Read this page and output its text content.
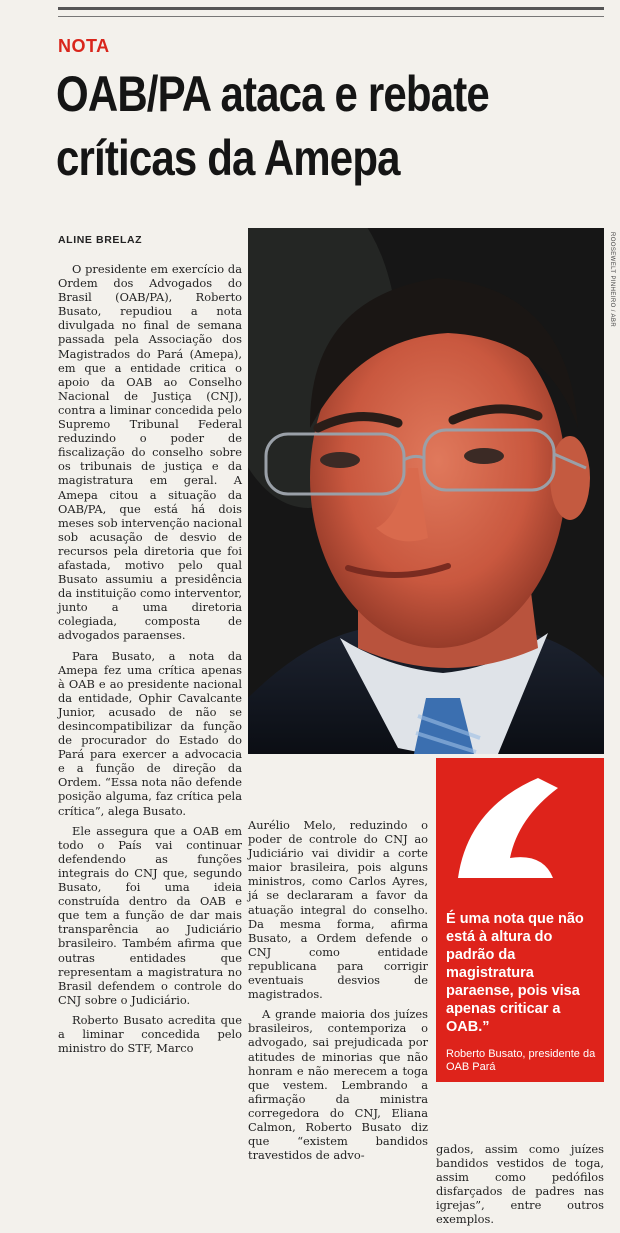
NOTA
OAB/PA ataca e rebate
críticas da Amepa
ALINE BRELAZ	ROOSEWELT PINHEIRO / ABR

O presidente em exercício da Ordem dos Advogados do Brasil (OAB/PA), Roberto Busato, repudiou a nota divulgada no final de semana passada pela Associação dos Magistrados do Pará (Amepa), em que a entidade critica o apoio da OAB ao Conselho Nacional de Justiça (CNJ), contra a liminar concedida pelo Supremo Tribunal Federal reduzindo o poder de fiscalização do conselho sobre os tribunais de justiça e da magistratura em geral. A Amepa citou a situação da OAB/PA, que está há dois meses sob intervenção nacional sob acusação de desvio de recursos pela diretoria que foi afastada, motivo pelo qual Busato assumiu a presidência da instituição como interventor, junto a uma diretoria colegiada, composta de advogados paraenses.

Para Busato, a nota da Amepa fez uma crítica apenas à OAB e ao presidente nacional da entidade, Ophir Cavalcante Junior, acusado de não se desincompatibilizar da função de procurador do Estado do Pará para exercer a advocacia e a função de direção da Ordem. “Essa nota não defende posição alguma, faz crítica pela crítica”, alega Busato.

Ele assegura que a OAB em todo o País vai continuar defendendo as funções integrais do CNJ que, segundo Busato, foi uma ideia construída dentro da OAB e que tem a função de dar mais transparência ao Judiciário brasileiro. Também afirma que outras entidades que representam a magistratura no Brasil defendem o controle do CNJ sobre o Judiciário.

Roberto Busato acredita que a liminar concedida pelo ministro do STF, Marco

Aurélio Melo, reduzindo o poder de controle do CNJ ao Judiciário vai dividir a corte maior brasileira, pois alguns ministros, como Carlos Ayres, já se declararam a favor da atuação integral do conselho. Da mesma forma, afirma Busato, a Ordem defende o CNJ como entidade republicana para corrigir eventuais desvios de magistrados.

A grande maioria dos juízes brasileiros, contemporiza o advogado, sai prejudicada por atitudes de minorias que não honram e não merecem a toga que vestem. Lembrando a afirmação da ministra corregedora do CNJ, Eliana Calmon, Roberto Busato diz que “existem bandidos travestidos de advo-

É uma nota que não está à altura do padrão da magistratura paraense, pois visa apenas criticar a OAB.”
Roberto Busato, presidente da OAB Pará

gados, assim como juízes bandidos vestidos de toga, assim como pedófilos disfarçados de padres nas igrejas”, entre outros exemplos.
